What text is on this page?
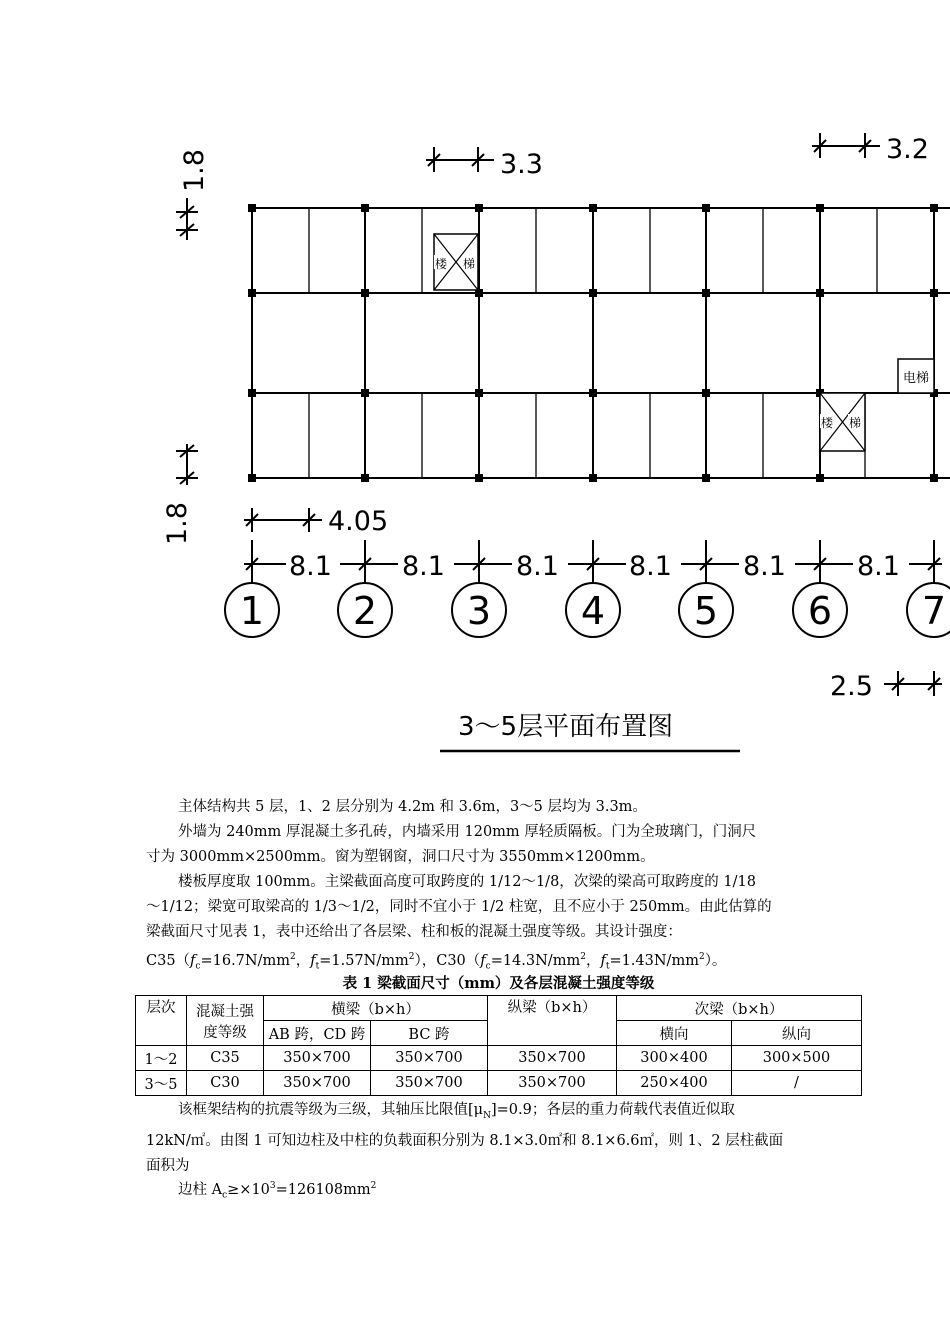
楼 梯
楼 梯
电梯
1.8	3.3	3.2
1.8	4.05
8.1	8.1	8.1	8.1	8.1	8.1
1 2 3 4 5 6 7
2.5
3～5层平面布置图
主体结构共 5 层，1、2 层分别为 4.2m 和 3.6m，3～5 层均为 3.3m。
外墙为 240mm 厚混凝土多孔砖，内墙采用 120mm 厚轻质隔板。门为全玻璃门，门洞尺
寸为 3000mm×2500mm。窗为塑钢窗，洞口尺寸为 3550mm×1200mm。
楼板厚度取 100mm。主梁截面高度可取跨度的 1/12～1/8，次梁的梁高可取跨度的 1/18
～1/12；梁宽可取梁高的 1/3～1/2，同时不宜小于 1/2 柱宽，且不应小于 250mm。由此估算的
梁截面尺寸见表 1，表中还给出了各层梁、柱和板的混凝土强度等级。其设计强度：
$C35(f_c=16.7N/mm^2$，$f_t=1.57N/mm^2$），$C30(f_c=14.3N/mm^2$，$f_t=1.43N/mm^2$）。
表 1 梁截面尺寸（mm）及各层混凝土强度等级
层次	混凝土强
度等级	横梁（b×h）		纵梁（b×h）	次梁（b×h）	
		AB 跨，CD 跨	BC 跨		横向	纵向
1～2	C35	350×700	350×700	350×700	300×400	300×500
3～5	C30	350×700	350×700	350×700	250×400	/
该框架结构的抗震等级为三级，其轴压比限值$[\mu_N]=0.9$；各层的重力荷载代表值近似取
12kN/㎡。由图 1 可知边柱及中柱的负载面积分别为 8.1×3.0㎡和 8.1×6.6㎡，则 1、2 层柱截面
面积为
边柱 $A_c\ge\times 10^3=126108mm^2$
